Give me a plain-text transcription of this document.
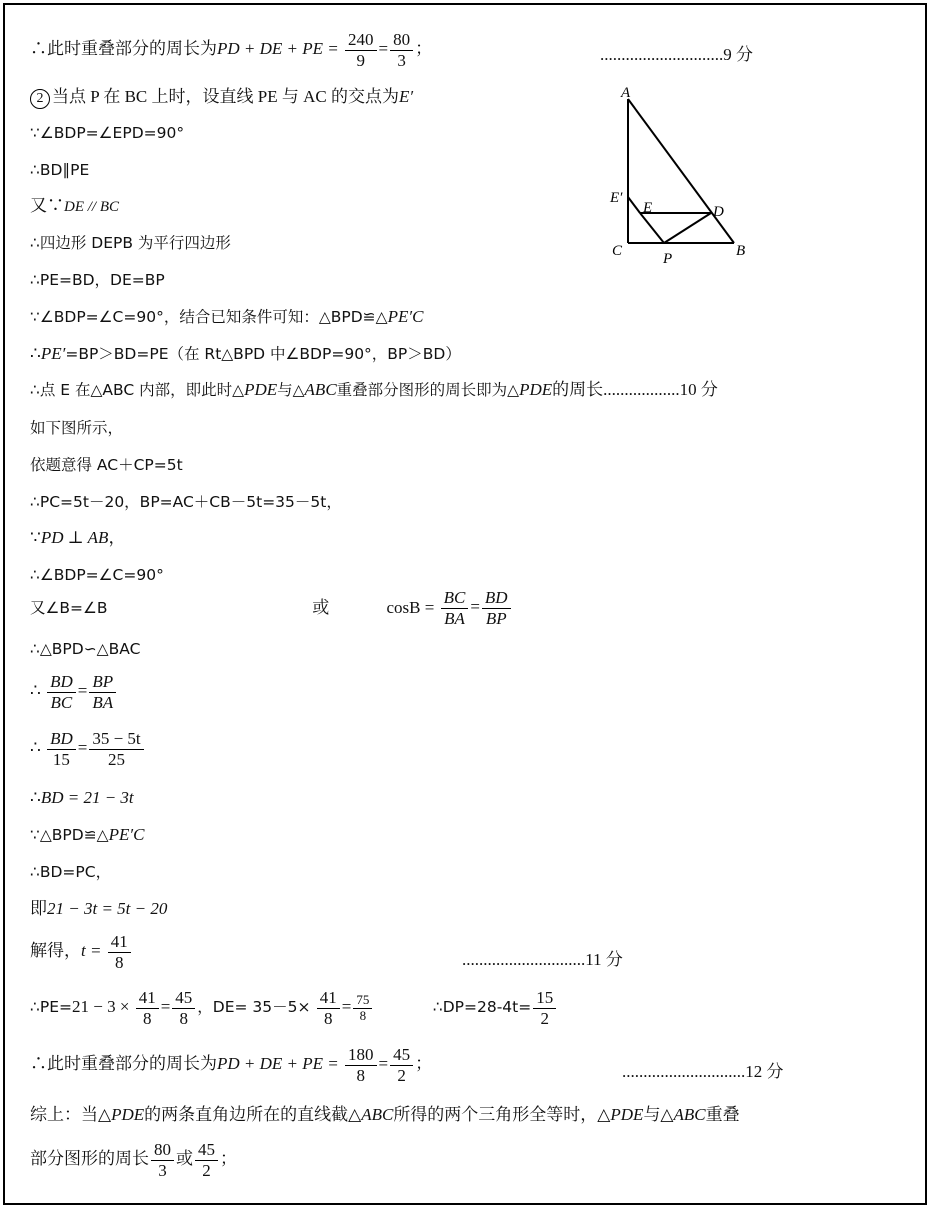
∴此时重叠部分的周长为PD + DE + PE = $\frac{240}{9} = \frac{80}{3}$ ；	.............................9 分
2 当点 P 在 BC 上时，设直线 PE 与 AC 的交点为E′
∵∠BDP=∠EPD=90°
∴BD∥PE
又∵DE // BC
∴四边形 DEPB 为平行四边形
∴PE=BD，DE=BP
∵∠BDP=∠C=90°，结合已知条件可知：△BPD≌△PE′C
∴PE′=BP＞BD=PE（在 Rt△BPD 中∠BDP=90°，BP＞BD）
∴点 E 在△ABC 内部，即此时△PDE与△ABC重叠部分图形的周长即为△PDE的周长..................10 分
如下图所示，
依题意得 AC＋CP=5t
∴PC=5t－20，BP=AC＋CB－5t=35－5t，
∵PD ⊥ AB，
∴∠BDP=∠C=90°
又∠B=∠B	或	$\cos B = \frac{BC}{BA} = \frac{BD}{BP}$
∴△BPD∽△BAC
∴ $\frac{BD}{BC} = \frac{BP}{BA}$
∴ $\frac{BD}{15} = \frac{35 - 5t}{25}$
∴BD = 21 − 3t
∵△BPD≌△PE′C
∴BD=PC，
即21 − 3t = 5t − 20
解得，$t = \frac{41}{8}$	.............................11 分
∴PE=21 − $3 \times \frac{41}{8} = \frac{45}{8}$ ，$DE= 35-5\times \frac{41}{8} = \frac{75}{8}$	∴DP=28-4t= $\frac{15}{2}$
∴此时重叠部分的周长为PD + DE + PE = $\frac{180}{8} = \frac{45}{2}$ ；	.............................12 分
综上：当△PDE的两条直角边所在的直线截△ABC所得的两个三角形全等时，△PDE与△ABC重叠
部分图形的周长 $\frac{80}{3}$ 或 $\frac{45}{2}$ ；
A
E′
E	D
C	P	B
